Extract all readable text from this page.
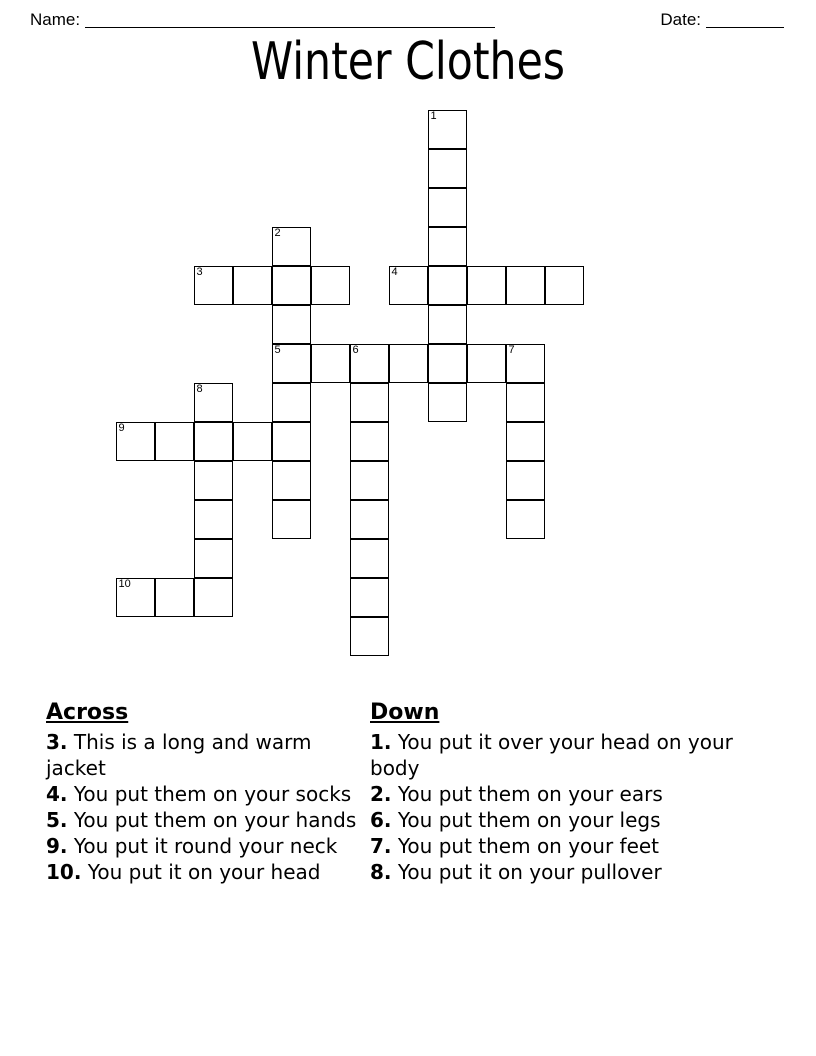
Name:	Date:
Winter Clothes
1
2
3	4
5	6	7
8
9
10
Across
3. This is a long and warm jacket
4. You put them on your socks
5. You put them on your hands
9. You put it round your neck
10. You put it on your head
Down
1. You put it over your head on your body
2. You put them on your ears
6. You put them on your legs
7. You put them on your feet
8. You put it on your pullover
